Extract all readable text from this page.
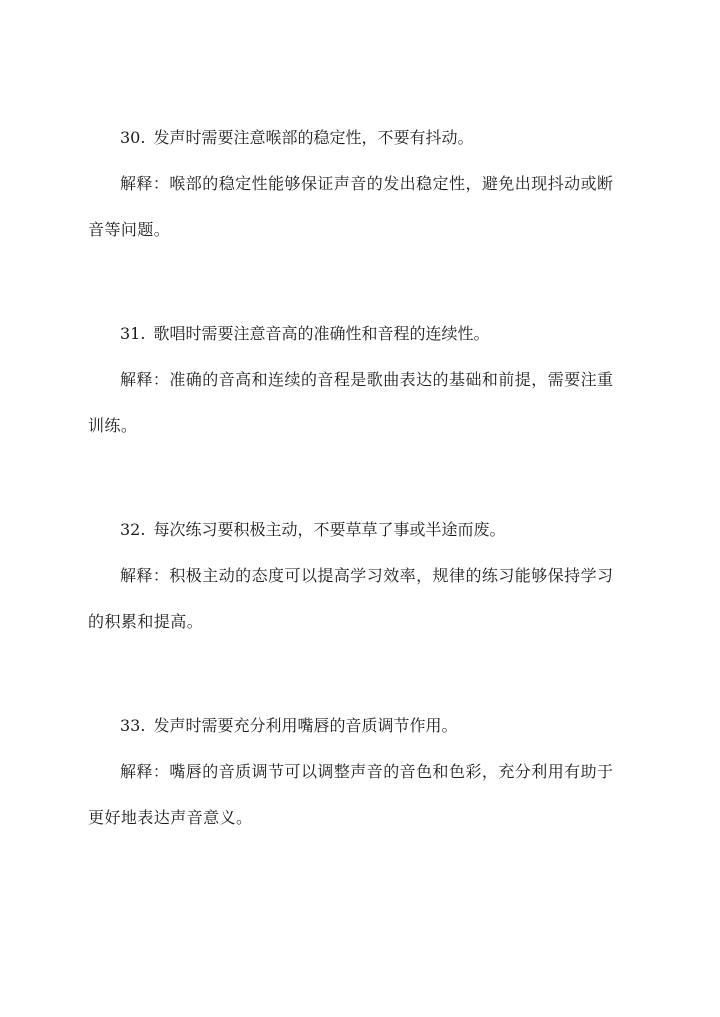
30. 发声时需要注意喉部的稳定性，不要有抖动。

解释：喉部的稳定性能够保证声音的发出稳定性，避免出现抖动或断
音等问题。

31. 歌唱时需要注意音高的准确性和音程的连续性。

解释：准确的音高和连续的音程是歌曲表达的基础和前提，需要注重
训练。

32. 每次练习要积极主动，不要草草了事或半途而废。

解释：积极主动的态度可以提高学习效率，规律的练习能够保持学习
的积累和提高。

33. 发声时需要充分利用嘴唇的音质调节作用。

解释：嘴唇的音质调节可以调整声音的音色和色彩，充分利用有助于
更好地表达声音意义。
